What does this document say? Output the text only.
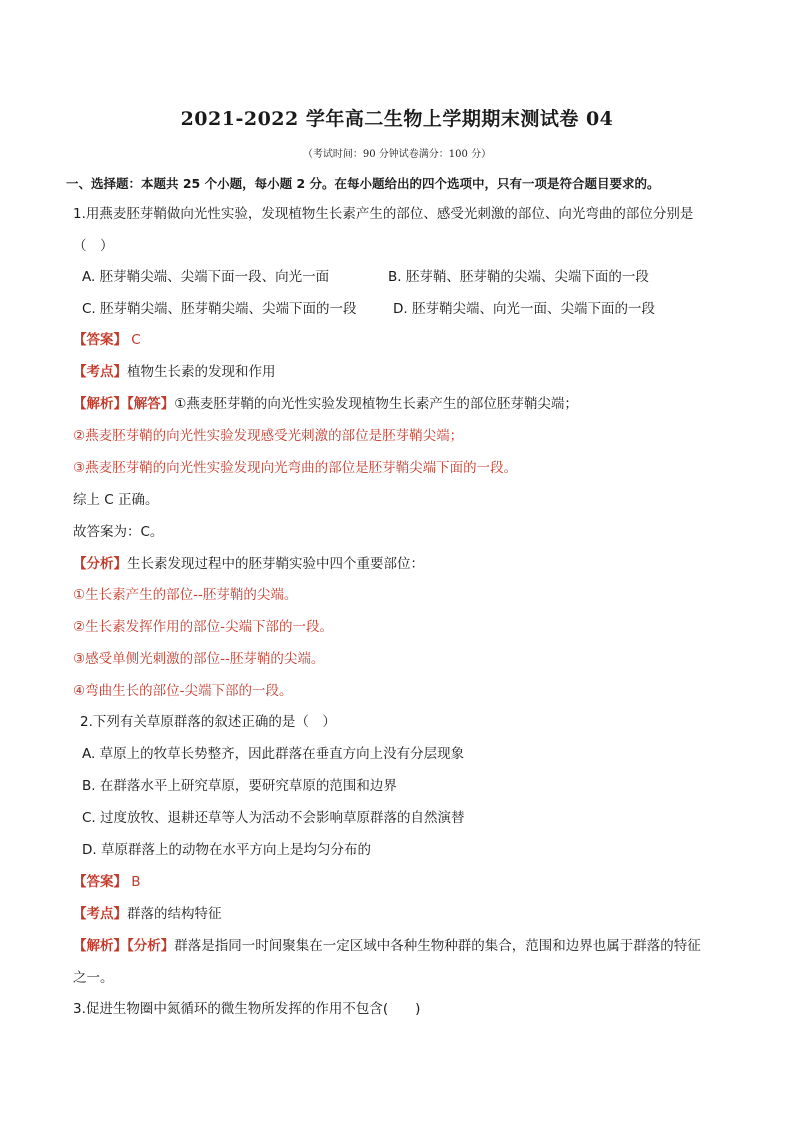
2021-2022 学年高二生物上学期期末测试卷 04
（考试时间：90 分钟试卷满分：100 分）
一、选择题：本题共 25 个小题，每小题 2 分。在每小题给出的四个选项中，只有一项是符合题目要求的。
1.用燕麦胚芽鞘做向光性实验，发现植物生长素产生的部位、感受光刺激的部位、向光弯曲的部位分别是
（　）
A. 胚芽鞘尖端、尖端下面一段、向光一面	B. 胚芽鞘、胚芽鞘的尖端、尖端下面的一段
C. 胚芽鞘尖端、胚芽鞘尖端、尖端下面的一段	D. 胚芽鞘尖端、向光一面、尖端下面的一段
【答案】 C
【考点】植物生长素的发现和作用
【解析】【解答】①燕麦胚芽鞘的向光性实验发现植物生长素产生的部位胚芽鞘尖端；
②燕麦胚芽鞘的向光性实验发现感受光刺激的部位是胚芽鞘尖端；
③燕麦胚芽鞘的向光性实验发现向光弯曲的部位是胚芽鞘尖端下面的一段。
综上 C 正确。
故答案为：C。
【分析】生长素发现过程中的胚芽鞘实验中四个重要部位：
①生长素产生的部位--胚芽鞘的尖端。
②生长素发挥作用的部位-尖端下部的一段。
③感受单侧光刺激的部位--胚芽鞘的尖端。
④弯曲生长的部位-尖端下部的一段。
2.下列有关草原群落的叙述正确的是（　）
A. 草原上的牧草长势整齐，因此群落在垂直方向上没有分层现象
B. 在群落水平上研究草原，要研究草原的范围和边界
C. 过度放牧、退耕还草等人为活动不会影响草原群落的自然演替
D. 草原群落上的动物在水平方向上是均匀分布的
【答案】 B
【考点】群落的结构特征
【解析】【分析】群落是指同一时间聚集在一定区域中各种生物种群的集合，范围和边界也属于群落的特征
之一。
3.促进生物圈中氮循环的微生物所发挥的作用不包含(　　)
